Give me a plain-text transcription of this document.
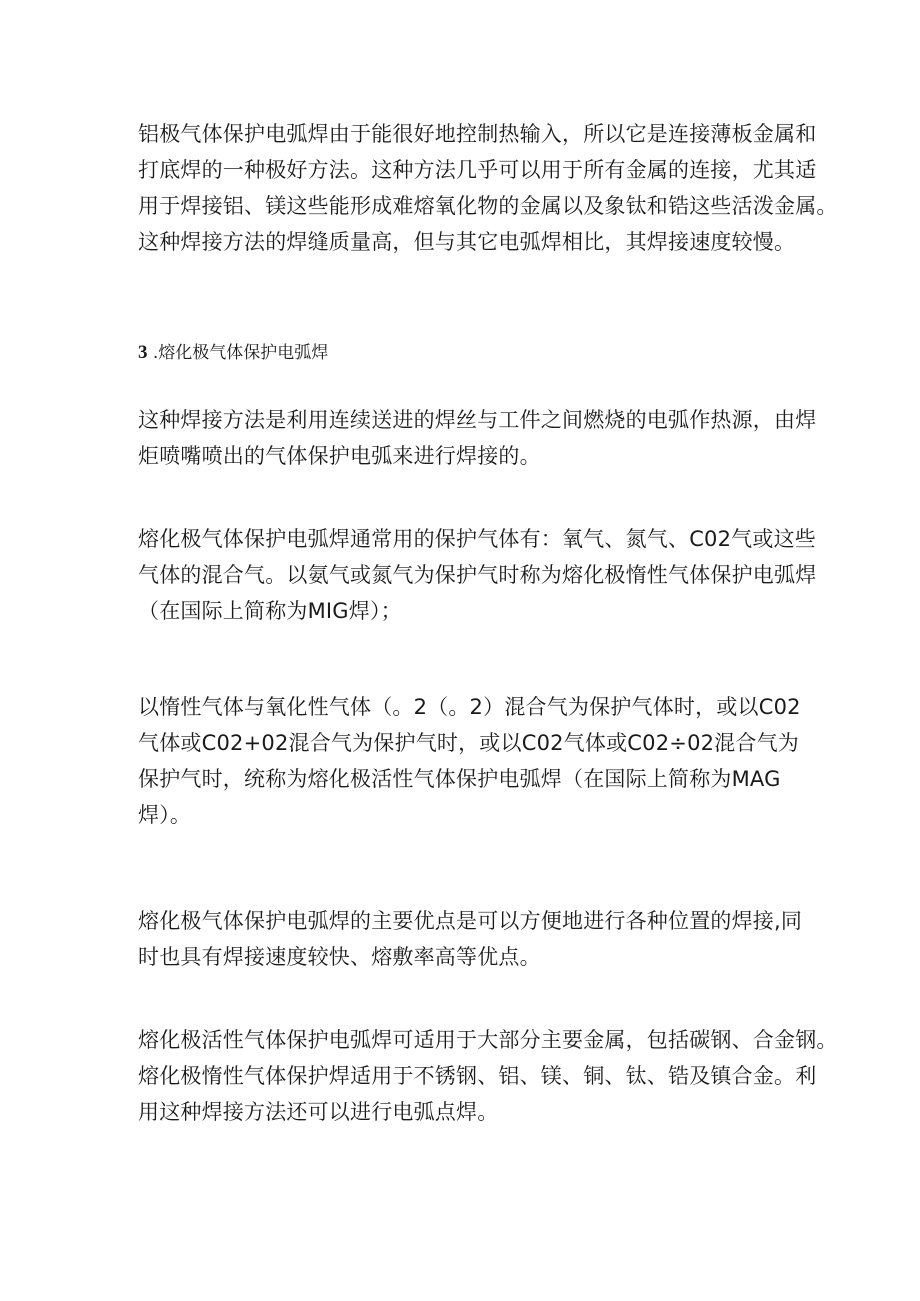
铝极气体保护电弧焊由于能很好地控制热输入，所以它是连接薄板金属和
打底焊的一种极好方法。这种方法几乎可以用于所有金属的连接，尤其适
用于焊接铝、镁这些能形成难熔氧化物的金属以及象钛和锆这些活泼金属。
这种焊接方法的焊缝质量高，但与其它电弧焊相比，其焊接速度较慢。

3 .熔化极气体保护电弧焊

这种焊接方法是利用连续送进的焊丝与工件之间燃烧的电弧作热源，由焊
炬喷嘴喷出的气体保护电弧来进行焊接的。

熔化极气体保护电弧焊通常用的保护气体有：氧气、氮气、C02气或这些
气体的混合气。以氨气或氮气为保护气时称为熔化极惰性气体保护电弧焊
（在国际上简称为MIG焊）；

以惰性气体与氧化性气体（。2（。2）混合气为保护气体时，或以C02
气体或C02+02混合气为保护气时，或以C02气体或C02÷02混合气为
保护气时，统称为熔化极活性气体保护电弧焊（在国际上简称为MAG
焊）。

熔化极气体保护电弧焊的主要优点是可以方便地进行各种位置的焊接,同
时也具有焊接速度较快、熔敷率高等优点。

熔化极活性气体保护电弧焊可适用于大部分主要金属，包括碳钢、合金钢。
熔化极惰性气体保护焊适用于不锈钢、铝、镁、铜、钛、锆及镇合金。利
用这种焊接方法还可以进行电弧点焊。
